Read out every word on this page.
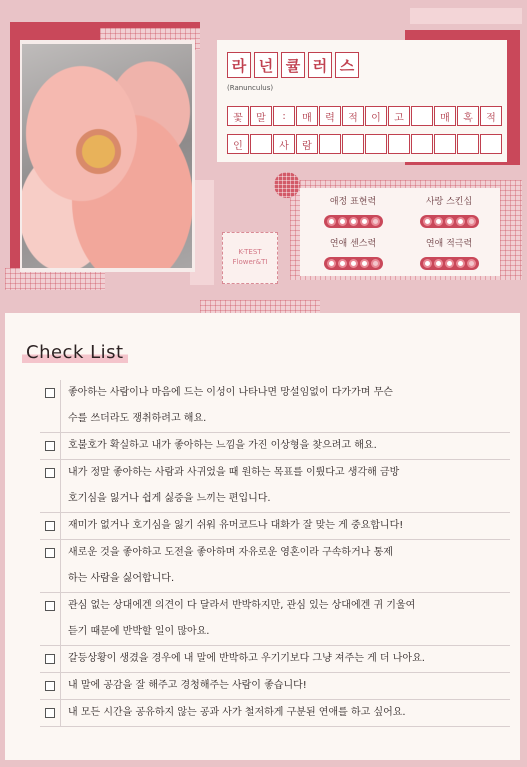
K-TEST
Flower&TI
라 넌 큘 러 스
(Ranunculus)
꽃	말	:	매	력	적	이	고	매	혹	적
인	사	람
애정 표현력	사랑 스킨십
연애 센스력	연애 적극력
Check List
좋아하는 사람이나 마음에 드는 이성이 나타나면 망설임없이 다가가며 무슨
수를 쓰더라도 쟁취하려고 해요.
호불호가 확실하고 내가 좋아하는 느낌을 가진 이상형을 찾으려고 해요.
내가 정말 좋아하는 사람과 사귀었을 때 원하는 목표를 이뤘다고 생각해 금방
호기심을 잃거나 쉽게 싫증을 느끼는 편입니다.
재미가 없거나 호기심을 잃기 쉬워 유머코드나 대화가 잘 맞는 게 중요합니다!
새로운 것을 좋아하고 도전을 좋아하며 자유로운 영혼이라 구속하거나 통제
하는 사람을 싫어합니다.
관심 없는 상대에겐 의견이 다 달라서 반박하지만, 관심 있는 상대에겐 귀 기울여
듣기 때문에 반박할 일이 많아요.
갈등상황이 생겼을 경우에 내 말에 반박하고 우기기보다 그냥 져주는 게 더 나아요.
내 말에 공감을 잘 해주고 경청해주는 사람이 좋습니다!
내 모든 시간을 공유하지 않는 공과 사가 철저하게 구분된 연애를 하고 싶어요.
